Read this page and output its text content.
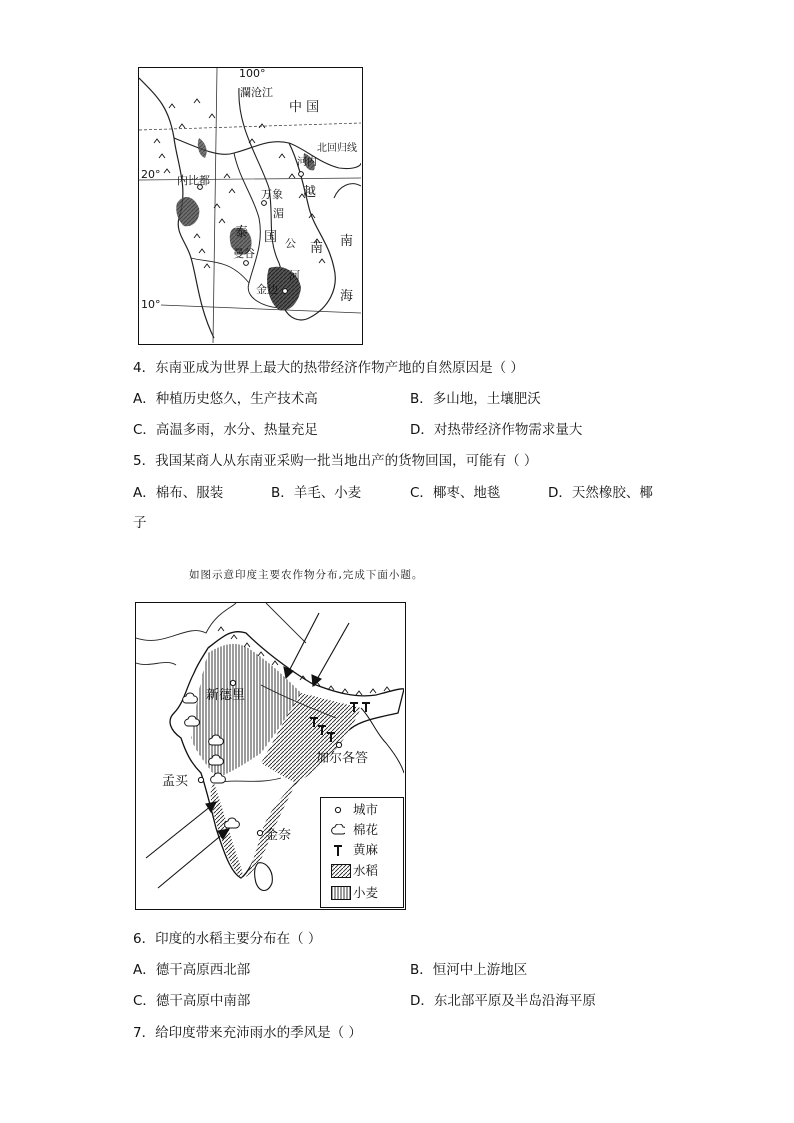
100°
瀾沧江
中 国
北回归线
河内
20° 内比都
万象 越
湄
泰 国 公	南
南
曼谷
河
金边	海
10°
4．东南亚成为世界上最大的热带经济作物产地的自然原因是（ ）
A．种植历史悠久，生产技术高	B．多山地，土壤肥沃
C．高温多雨，水分、热量充足	D．对热带经济作物需求量大
5．我国某商人从东南亚采购一批当地出产的货物回国，可能有（ ）
A．棉布、服装	B．羊毛、小麦	C．椰枣、地毯	D．天然橡胶、椰
子
如图示意印度主要农作物分布,完成下面小题。
新德里
加尔各答
孟买
金奈
城市
棉花
黄麻
水稻
小麦
6．印度的水稻主要分布在（ ）
A．德干高原西北部	B．恒河中上游地区
C．德干高原中南部	D．东北部平原及半岛沿海平原
7．给印度带来充沛雨水的季风是（ ）
